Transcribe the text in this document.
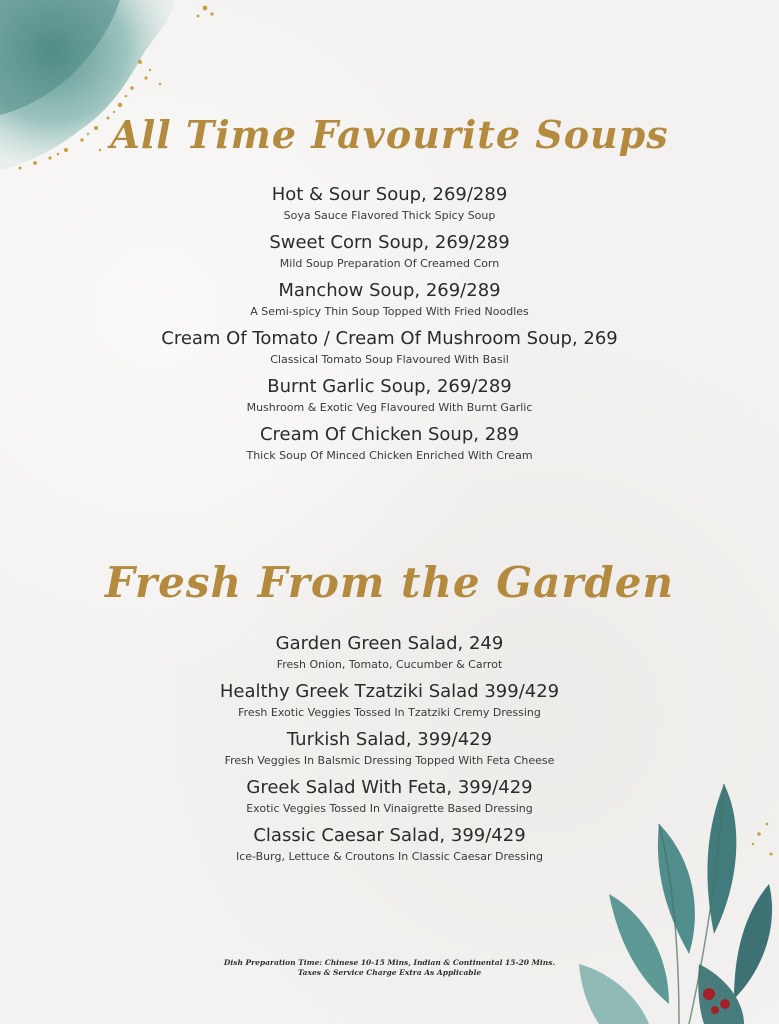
All Time Favourite Soups
Hot & Sour Soup, 269/289
Soya Sauce Flavored Thick Spicy Soup
Sweet Corn Soup, 269/289
Mild Soup Preparation Of Creamed Corn
Manchow Soup, 269/289
A Semi-spicy Thin Soup Topped With Fried Noodles
Cream Of Tomato / Cream Of Mushroom Soup, 269
Classical Tomato Soup Flavoured With Basil
Burnt Garlic Soup, 269/289
Mushroom & Exotic Veg Flavoured With Burnt Garlic
Cream Of Chicken Soup, 289
Thick Soup Of Minced Chicken Enriched With Cream
Fresh From the Garden
Garden Green Salad, 249
Fresh Onion, Tomato, Cucumber & Carrot
Healthy Greek Tzatziki Salad 399/429
Fresh Exotic Veggies Tossed In Tzatziki Cremy Dressing
Turkish Salad, 399/429
Fresh Veggies In Balsmic Dressing Topped With Feta Cheese
Greek Salad With Feta, 399/429
Exotic Veggies Tossed In Vinaigrette Based Dressing
Classic Caesar Salad, 399/429
Ice-Burg, Lettuce & Croutons In Classic Caesar Dressing
Dish Preparation Time: Chinese 10-15 Mins, Indian & Continental 15-20 Mins.
Taxes & Service Charge Extra As Applicable
